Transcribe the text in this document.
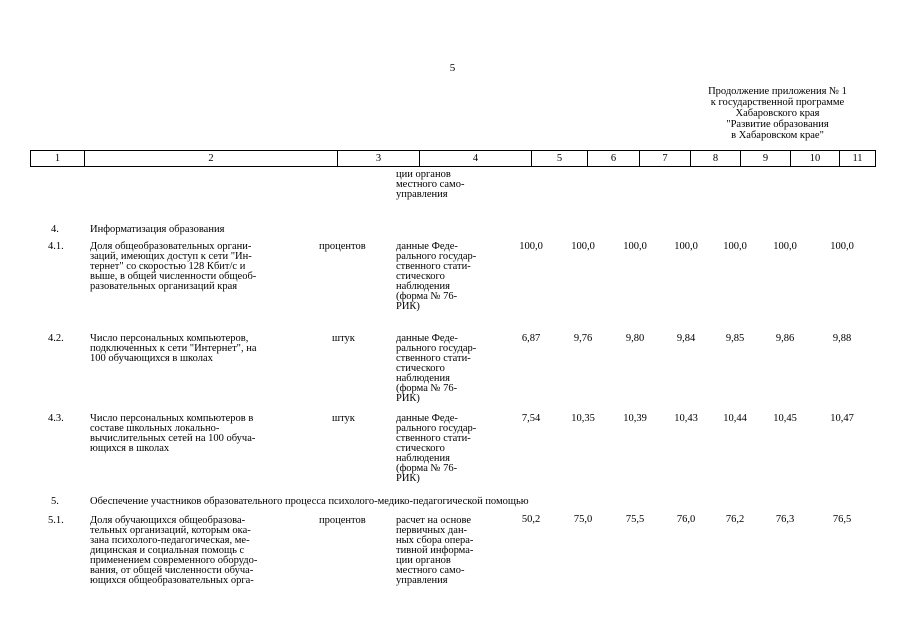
5
Продолжение приложения № 1
к государственной программе
Хабаровского края
"Развитие образования
в Хабаровском крае"
1	2	3	4	5	6	7	8	9	10	11
ции органов
местного само-
управления
4.	Информатизация образования
4.1.	Доля общеобразовательных органи-
заций, имеющих доступ к сети "Ин-
тернет" со скоростью 128 Кбит/с и
выше, в общей численности общеоб-
разовательных организаций края
процентов	данные Феде-
рального государ-
ственного стати-
стического
наблюдения
(форма № 76-
РИК)
100,0	100,0	100,0	100,0	100,0	100,0	100,0
4.2.	Число персональных компьютеров,
подключенных к сети "Интернет", на
100 обучающихся в школах
штук	данные Феде-
рального государ-
ственного стати-
стического
наблюдения
(форма № 76-
РИК)
6,87	9,76	9,80	9,84	9,85	9,86	9,88
4.3.	Число персональных компьютеров в
составе школьных локально-
вычислительных сетей на 100 обуча-
ющихся в школах
штук	данные Феде-
рального государ-
ственного стати-
стического
наблюдения
(форма № 76-
РИК)
7,54	10,35	10,39	10,43	10,44	10,45	10,47
5.	Обеспечение участников образовательного процесса психолого-медико-педагогической помощью
5.1.	Доля обучающихся общеобразова-
тельных организаций, которым ока-
зана психолого-педагогическая, ме-
дицинская и социальная помощь с
применением современного оборудо-
вания, от общей численности обуча-
ющихся общеобразовательных орга-
процентов	расчет на основе
первичных дан-
ных сбора опера-
тивной информа-
ции органов
местного само-
управления
50,2	75,0	75,5	76,0	76,2	76,3	76,5
